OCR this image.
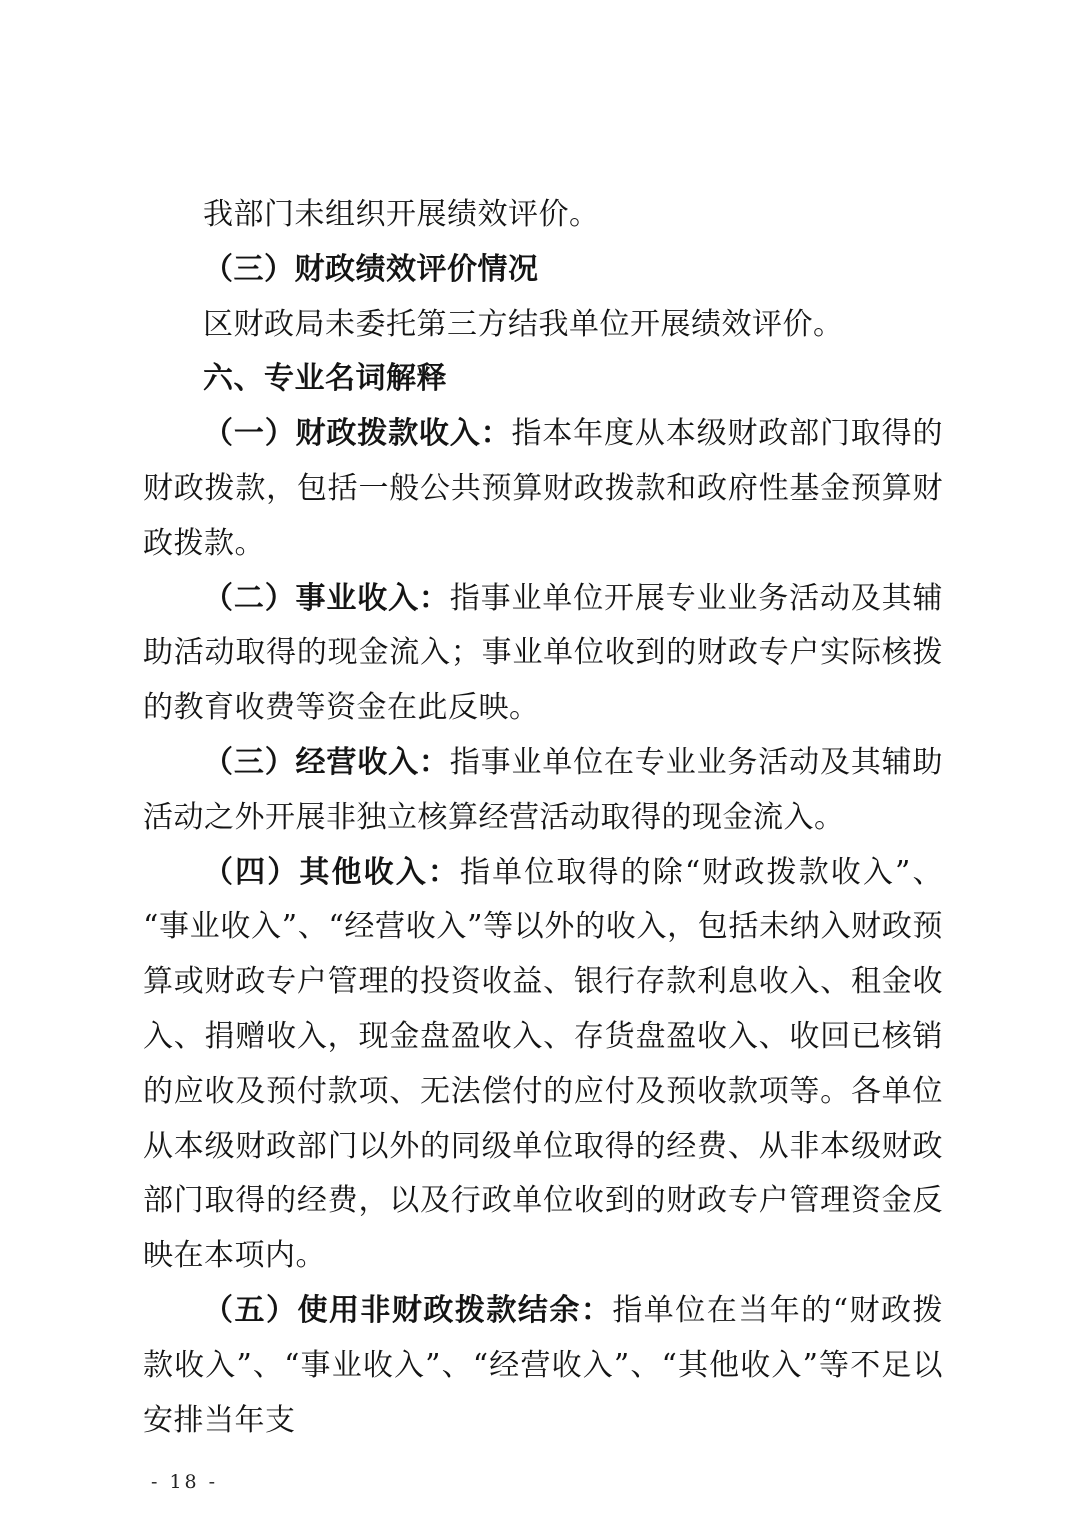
我部门未组织开展绩效评价。

（三）财政绩效评价情况

区财政局未委托第三方结我单位开展绩效评价。

六、专业名词解释

（一）财政拨款收入：指本年度从本级财政部门取得的财政拨款，包括一般公共预算财政拨款和政府性基金预算财政拨款。

（二）事业收入：指事业单位开展专业业务活动及其辅助活动取得的现金流入；事业单位收到的财政专户实际核拨的教育收费等资金在此反映。

（三）经营收入：指事业单位在专业业务活动及其辅助活动之外开展非独立核算经营活动取得的现金流入。

（四）其他收入：指单位取得的除“财政拨款收入”、“事业收入”、“经营收入”等以外的收入，包括未纳入财政预算或财政专户管理的投资收益、银行存款利息收入、租金收入、捐赠收入，现金盘盈收入、存货盘盈收入、收回已核销的应收及预付款项、无法偿付的应付及预收款项等。各单位从本级财政部门以外的同级单位取得的经费、从非本级财政部门取得的经费，以及行政单位收到的财政专户管理资金反映在本项内。

（五）使用非财政拨款结余：指单位在当年的“财政拨款收入”、“事业收入”、“经营收入”、“其他收入”等不足以安排当年支

- 18 -
